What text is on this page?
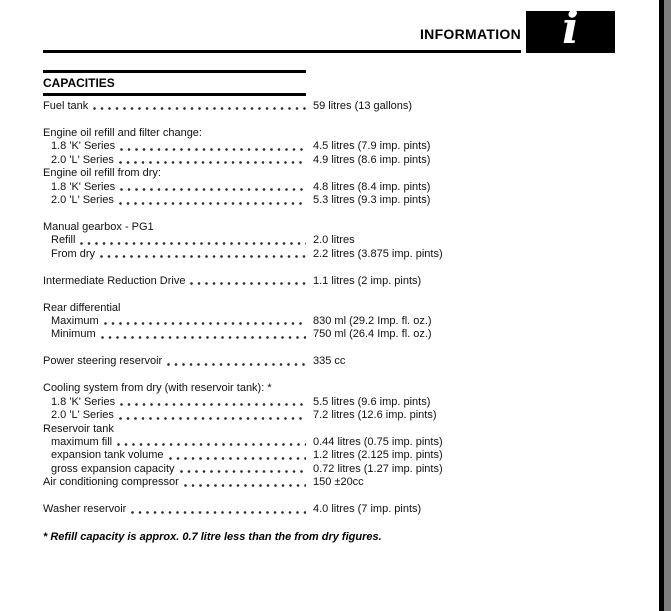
INFORMATION i
CAPACITIES
Fuel tank	59 litres (13 gallons)
Engine oil refill and filter change:
1.8 'K' Series	4.5 litres (7.9 imp. pints)
2.0 'L' Series	4.9 litres (8.6 imp. pints)
Engine oil refill from dry:
1.8 'K' Series	4.8 litres (8.4 imp. pints)
2.0 'L' Series	5.3 litres (9.3 imp. pints)
Manual gearbox - PG1
Refill	2.0 litres
From dry	2.2 litres (3.875 imp. pints)
Intermediate Reduction Drive	1.1 litres (2 imp. pints)
Rear differential
Maximum	830 ml (29.2 Imp. fl. oz.)
Minimum	750 ml (26.4 Imp. fl. oz.)
Power steering reservoir	335 cc
Cooling system from dry (with reservoir tank): *
1.8 'K' Series	5.5 litres (9.6 imp. pints)
2.0 'L' Series	7.2 litres (12.6 imp. pints)
Reservoir tank
maximum fill	0.44 litres (0.75 imp. pints)
expansion tank volume	1.2 litres (2.125 imp. pints)
gross expansion capacity	0.72 litres (1.27 imp. pints)
Air conditioning compressor	150 ±20cc
Washer reservoir	4.0 litres (7 imp. pints)
* Refill capacity is approx. 0.7 litre less than the from dry figures.
